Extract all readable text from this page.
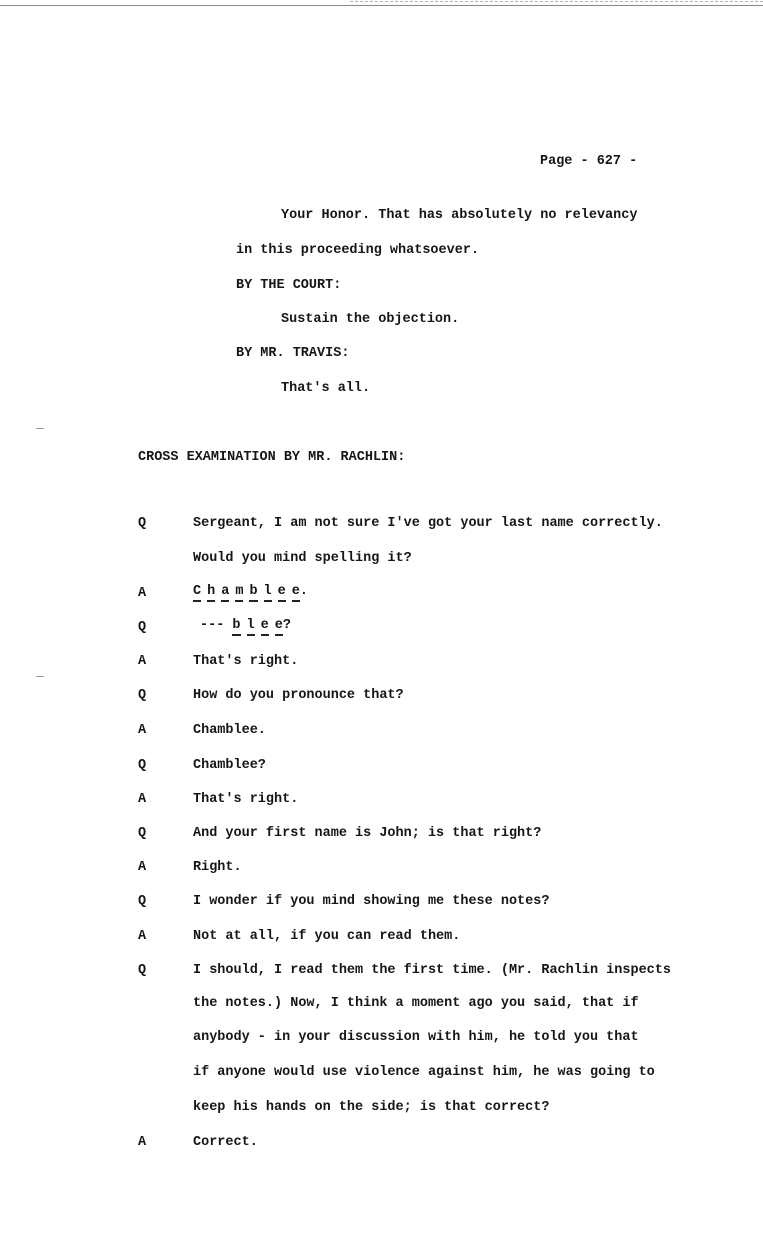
Page - 627 -
Your Honor. That has absolutely no relevancy
in this proceeding whatsoever.
BY THE COURT:
Sustain the objection.
BY MR. TRAVIS:
That's all.
CROSS EXAMINATION BY MR. RACHLIN:
Q	Sergeant, I am not sure I've got your last name correctly.
Would you mind spelling it?
A	C h a m b l e e.
Q	--- b l e e?
A	That's right.
Q	How do you pronounce that?
A	Chamblee.
Q	Chamblee?
A	That's right.
Q	And your first name is John; is that right?
A	Right.
Q	I wonder if you mind showing me these notes?
A	Not at all, if you can read them.
Q	I should, I read them the first time. (Mr. Rachlin inspects
the notes.) Now, I think a moment ago you said, that if
anybody - in your discussion with him, he told you that
if anyone would use violence against him, he was going to
keep his hands on the side; is that correct?
A	Correct.
